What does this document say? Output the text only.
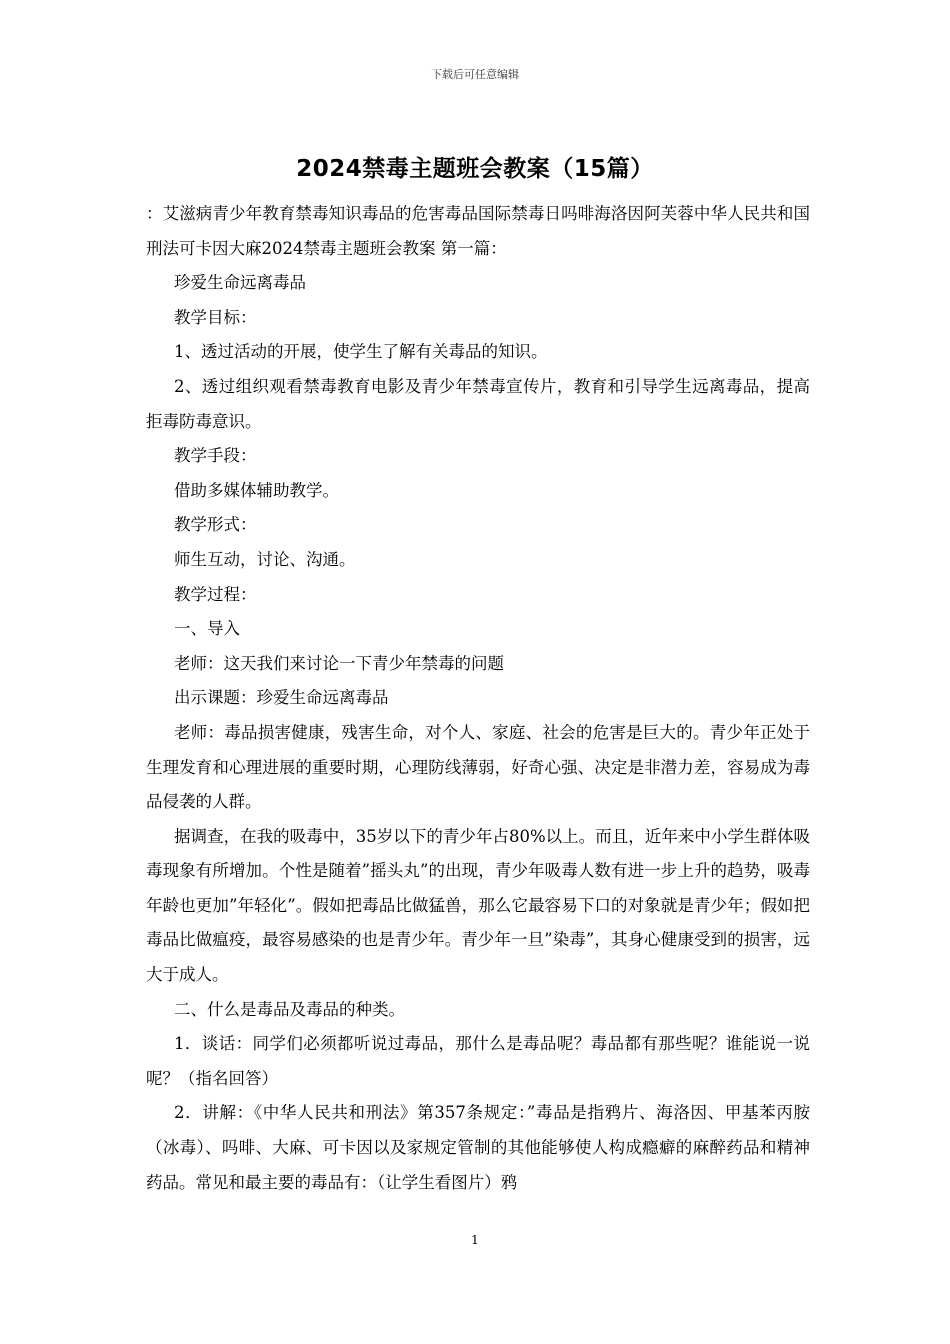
下载后可任意编辑
2024禁毒主题班会教案（15篇）

：艾滋病青少年教育禁毒知识毒品的危害毒品国际禁毒日吗啡海洛因阿芙蓉中华人民共和国刑法可卡因大麻2024禁毒主题班会教案 第一篇：

珍爱生命远离毒品

教学目标：

1、透过活动的开展，使学生了解有关毒品的知识。

2、透过组织观看禁毒教育电影及青少年禁毒宣传片，教育和引导学生远离毒品，提高拒毒防毒意识。

教学手段：

借助多媒体辅助教学。

教学形式：

师生互动，讨论、沟通。

教学过程：

一、导入

老师：这天我们来讨论一下青少年禁毒的问题

出示课题：珍爱生命远离毒品

老师：毒品损害健康，残害生命，对个人、家庭、社会的危害是巨大的。青少年正处于生理发育和心理进展的重要时期，心理防线薄弱，好奇心强、决定是非潜力差，容易成为毒品侵袭的人群。

据调查，在我的吸毒中，35岁以下的青少年占80%以上。而且，近年来中小学生群体吸毒现象有所增加。个性是随着”摇头丸”的出现，青少年吸毒人数有进一步上升的趋势，吸毒年龄也更加”年轻化”。假如把毒品比做猛兽，那么它最容易下口的对象就是青少年；假如把毒品比做瘟疫，最容易感染的也是青少年。青少年一旦”染毒”，其身心健康受到的损害，远大于成人。

二、什么是毒品及毒品的种类。

1．谈话：同学们必须都听说过毒品，那什么是毒品呢？毒品都有那些呢？谁能说一说呢？（指名回答）

2．讲解：《中华人民共和刑法》第357条规定：”毒品是指鸦片、海洛因、甲基苯丙胺（冰毒）、吗啡、大麻、可卡因以及家规定管制的其他能够使人构成瘾癖的麻醉药品和精神药品。常见和最主要的毒品有：（让学生看图片）鸦

1
